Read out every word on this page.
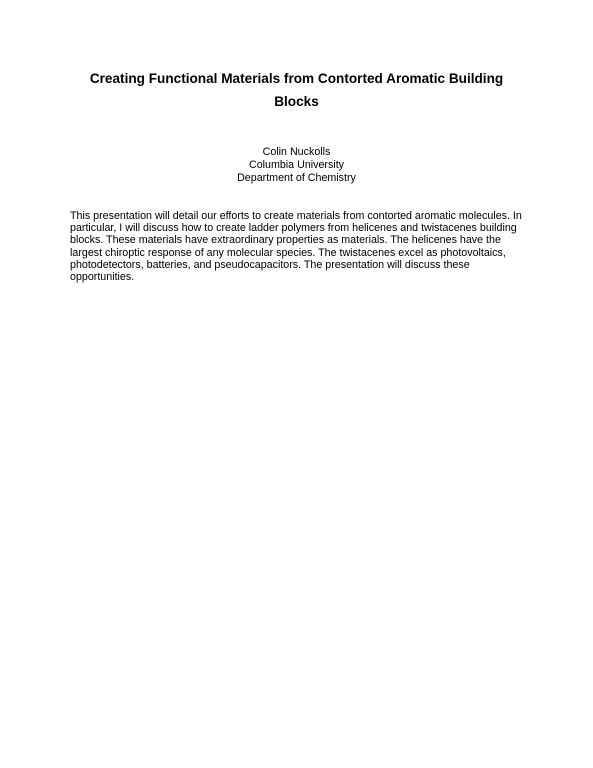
Creating Functional Materials from Contorted Aromatic Building Blocks
Colin Nuckolls
Columbia University
Department of Chemistry

This presentation will detail our efforts to create materials from contorted aromatic molecules. In particular, I will discuss how to create ladder polymers from helicenes and twistacenes building blocks. These materials have extraordinary properties as materials. The helicenes have the largest chiroptic response of any molecular species. The twistacenes excel as photovoltaics, photodetectors, batteries, and pseudocapacitors. The presentation will discuss these opportunities.
